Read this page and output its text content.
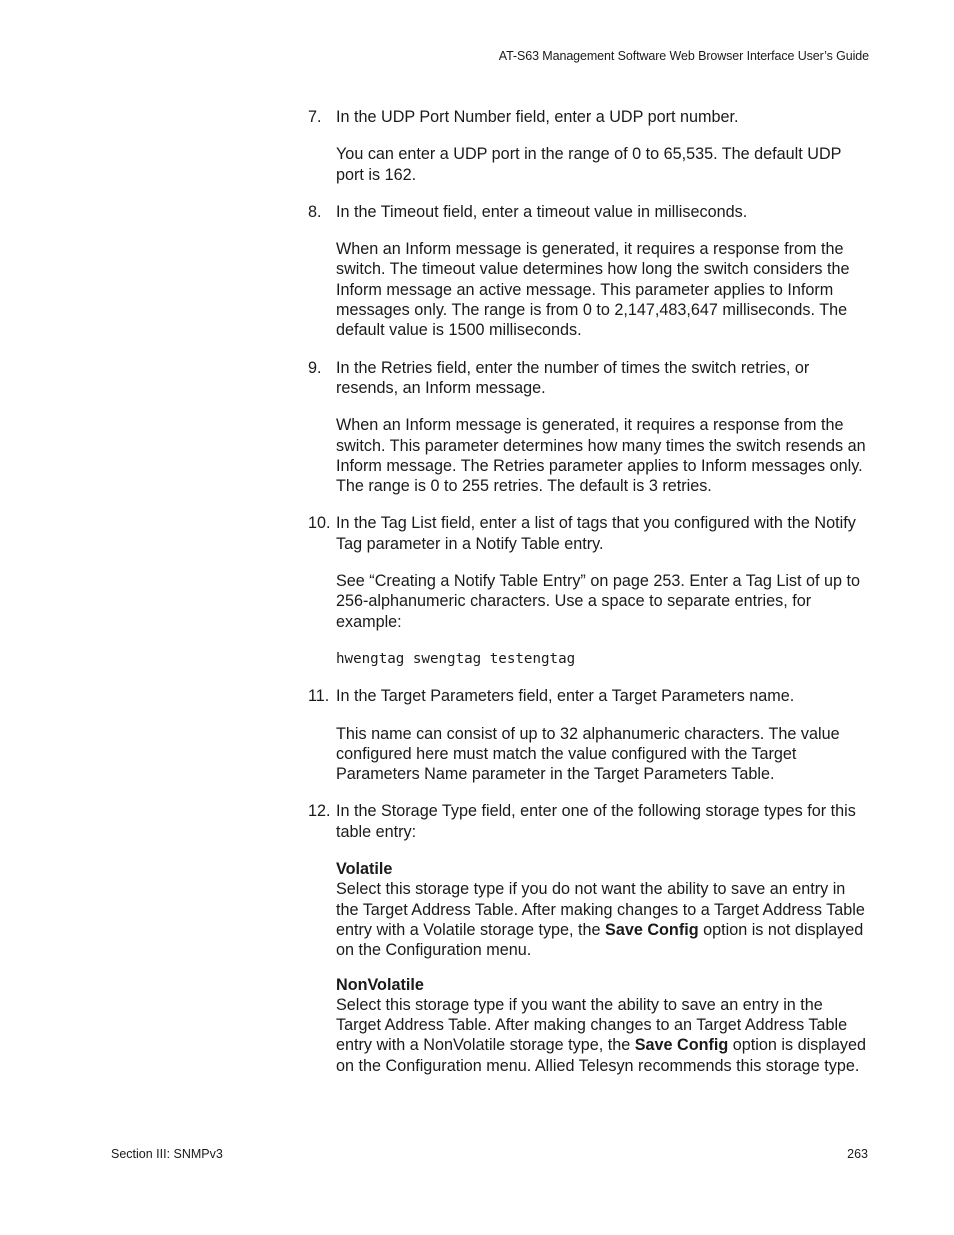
AT-S63 Management Software Web Browser Interface User’s Guide
7. In the UDP Port Number field, enter a UDP port number.

You can enter a UDP port in the range of 0 to 65,535. The default UDP port is 162.

8. In the Timeout field, enter a timeout value in milliseconds.

When an Inform message is generated, it requires a response from the switch. The timeout value determines how long the switch considers the Inform message an active message. This parameter applies to Inform messages only. The range is from 0 to 2,147,483,647 milliseconds. The default value is 1500 milliseconds.

9. In the Retries field, enter the number of times the switch retries, or resends, an Inform message.

When an Inform message is generated, it requires a response from the switch. This parameter determines how many times the switch resends an Inform message. The Retries parameter applies to Inform messages only. The range is 0 to 255 retries. The default is 3 retries.

10. In the Tag List field, enter a list of tags that you configured with the Notify Tag parameter in a Notify Table entry.

See “Creating a Notify Table Entry” on page 253. Enter a Tag List of up to 256-alphanumeric characters. Use a space to separate entries, for example:

hwengtag swengtag testengtag
11. In the Target Parameters field, enter a Target Parameters name.

This name can consist of up to 32 alphanumeric characters. The value configured here must match the value configured with the Target Parameters Name parameter in the Target Parameters Table.

12. In the Storage Type field, enter one of the following storage types for this table entry:
Volatile
Select this storage type if you do not want the ability to save an entry in the Target Address Table. After making changes to a Target Address Table entry with a Volatile storage type, the Save Config option is not displayed on the Configuration menu.
NonVolatile
Select this storage type if you want the ability to save an entry in the Target Address Table. After making changes to an Target Address Table entry with a NonVolatile storage type, the Save Config option is displayed on the Configuration menu. Allied Telesyn recommends this storage type.
Section III: SNMPv3	263
